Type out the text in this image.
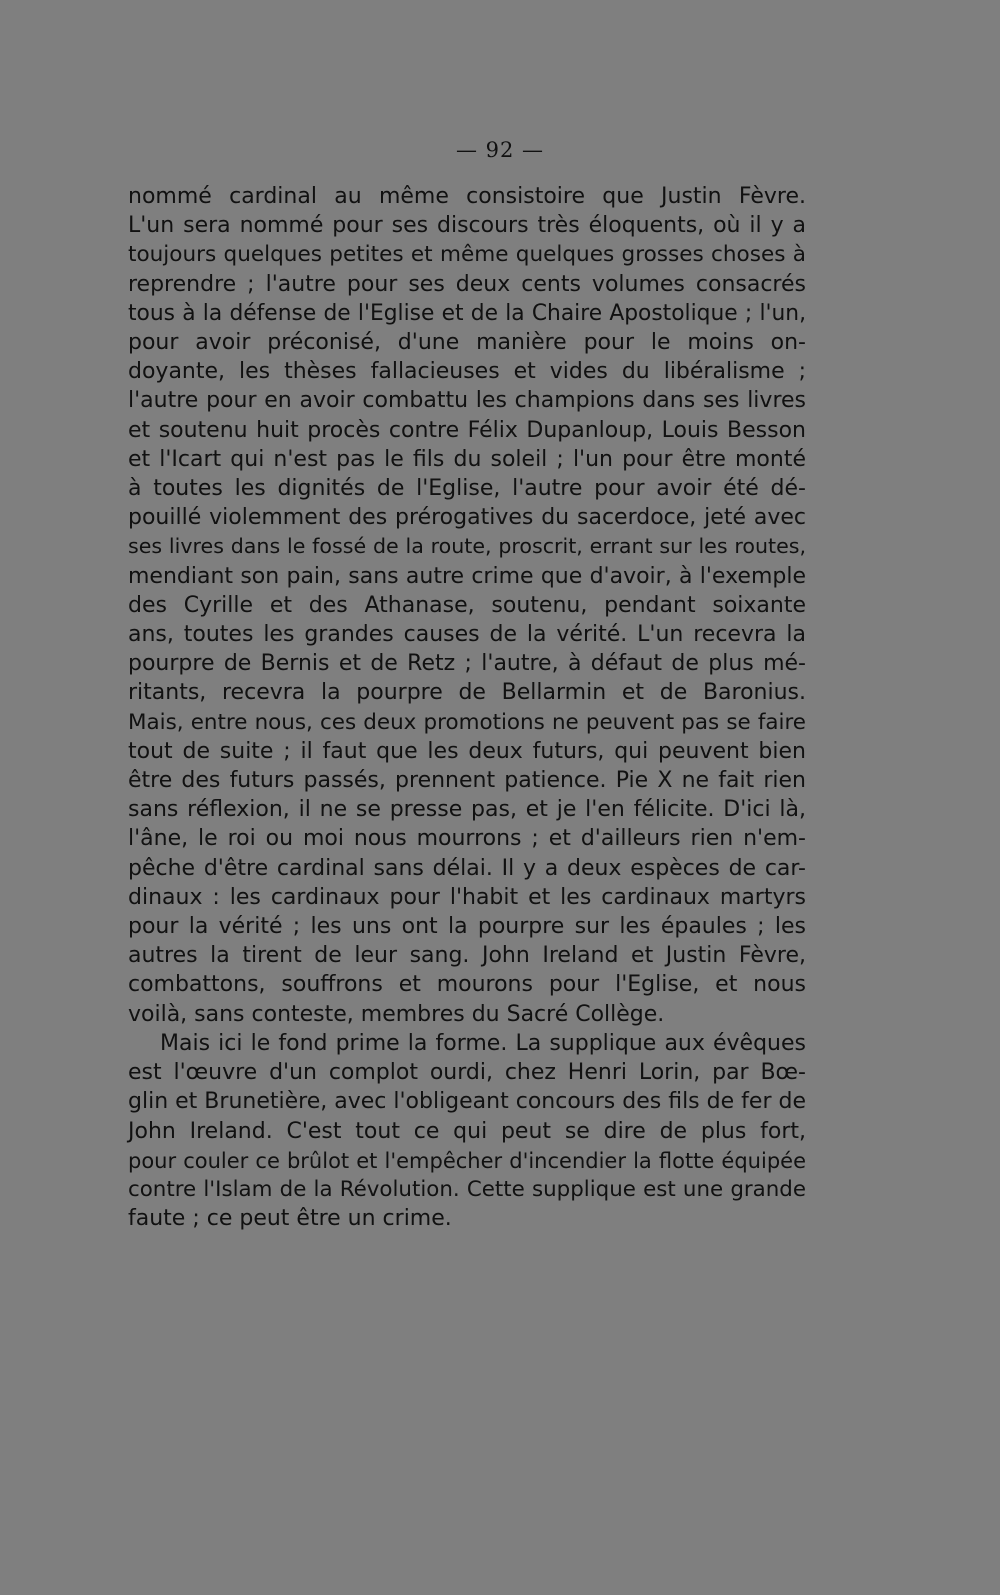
— 92 —
nommé cardinal au même consistoire que Justin Fèvre.
L'un sera nommé pour ses discours très éloquents, où il y a
toujours quelques petites et même quelques grosses choses à
reprendre ; l'autre pour ses deux cents volumes consacrés
tous à la défense de l'Eglise et de la Chaire Apostolique ; l'un,
pour avoir préconisé, d'une manière pour le moins on-
doyante, les thèses fallacieuses et vides du libéralisme ;
l'autre pour en avoir combattu les champions dans ses livres
et soutenu huit procès contre Félix Dupanloup, Louis Besson
et l'Icart qui n'est pas le fils du soleil ; l'un pour être monté
à toutes les dignités de l'Eglise, l'autre pour avoir été dé-
pouillé violemment des prérogatives du sacerdoce, jeté avec
ses livres dans le fossé de la route, proscrit, errant sur les routes,
mendiant son pain, sans autre crime que d'avoir, à l'exemple
des Cyrille et des Athanase, soutenu, pendant soixante
ans, toutes les grandes causes de la vérité. L'un recevra la
pourpre de Bernis et de Retz ; l'autre, à défaut de plus mé-
ritants, recevra la pourpre de Bellarmin et de Baronius.
Mais, entre nous, ces deux promotions ne peuvent pas se faire
tout de suite ; il faut que les deux futurs, qui peuvent bien
être des futurs passés, prennent patience. Pie X ne fait rien
sans réflexion, il ne se presse pas, et je l'en félicite. D'ici là,
l'âne, le roi ou moi nous mourrons ; et d'ailleurs rien n'em-
pêche d'être cardinal sans délai. Il y a deux espèces de car-
dinaux : les cardinaux pour l'habit et les cardinaux martyrs
pour la vérité ; les uns ont la pourpre sur les épaules ; les
autres la tirent de leur sang. John Ireland et Justin Fèvre,
combattons, souffrons et mourons pour l'Eglise, et nous
voilà, sans conteste, membres du Sacré Collège.
Mais ici le fond prime la forme. La supplique aux évêques
est l'œuvre d'un complot ourdi, chez Henri Lorin, par Bœ-
glin et Brunetière, avec l'obligeant concours des fils de fer de
John Ireland. C'est tout ce qui peut se dire de plus fort,
pour couler ce brûlot et l'empêcher d'incendier la flotte équipée
contre l'Islam de la Révolution. Cette supplique est une grande
faute ; ce peut être un crime.
